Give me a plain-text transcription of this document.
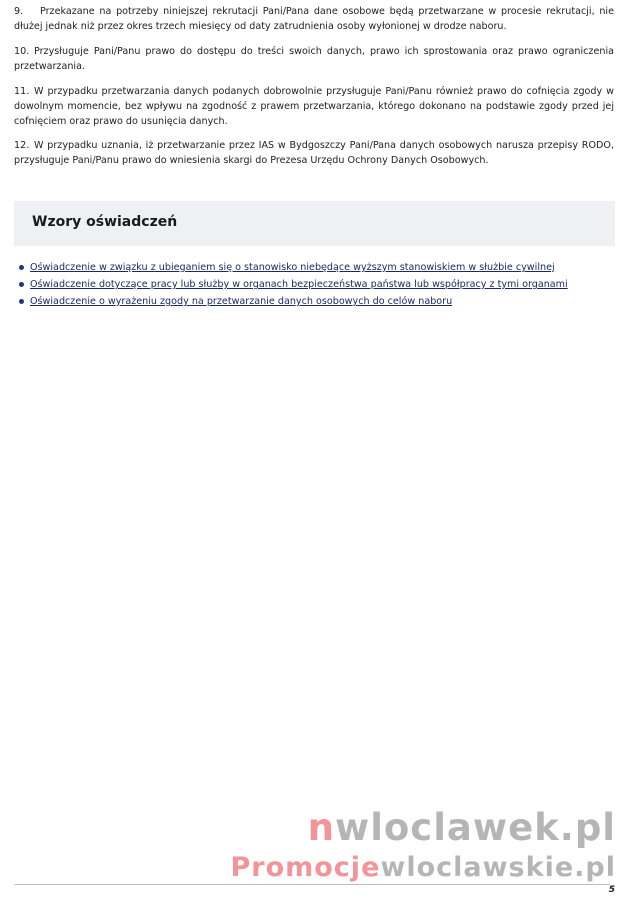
9. Przekazane na potrzeby niniejszej rekrutacji Pani/Pana dane osobowe będą przetwarzane w procesie rekrutacji, nie dłużej jednak niż przez okres trzech miesięcy od daty zatrudnienia osoby wyłonionej w drodze naboru.

10. Przysługuje Pani/Panu prawo do dostępu do treści swoich danych, prawo ich sprostowania oraz prawo ograniczenia przetwarzania.

11. W przypadku przetwarzania danych podanych dobrowolnie przysługuje Pani/Panu również prawo do cofnięcia zgody w dowolnym momencie, bez wpływu na zgodność z prawem przetwarzania, którego dokonano na podstawie zgody przed jej cofnięciem oraz prawo do usunięcia danych.

12. W przypadku uznania, iż przetwarzanie przez IAS w Bydgoszczy Pani/Pana danych osobowych narusza przepisy RODO, przysługuje Pani/Panu prawo do wniesienia skargi do Prezesa Urzędu Ochrony Danych Osobowych.

Wzory oświadczeń
Oświadczenie w związku z ubieganiem się o stanowisko niebędące wyższym stanowiskiem w służbie cywilnej
Oświadczenie dotyczące pracy lub służby w organach bezpieczeństwa państwa lub współpracy z tymi organami
Oświadczenie o wyrażeniu zgody na przetwarzanie danych osobowych do celów naboru
nwloclawek.pl
Promocjewloclawskie.pl
5
